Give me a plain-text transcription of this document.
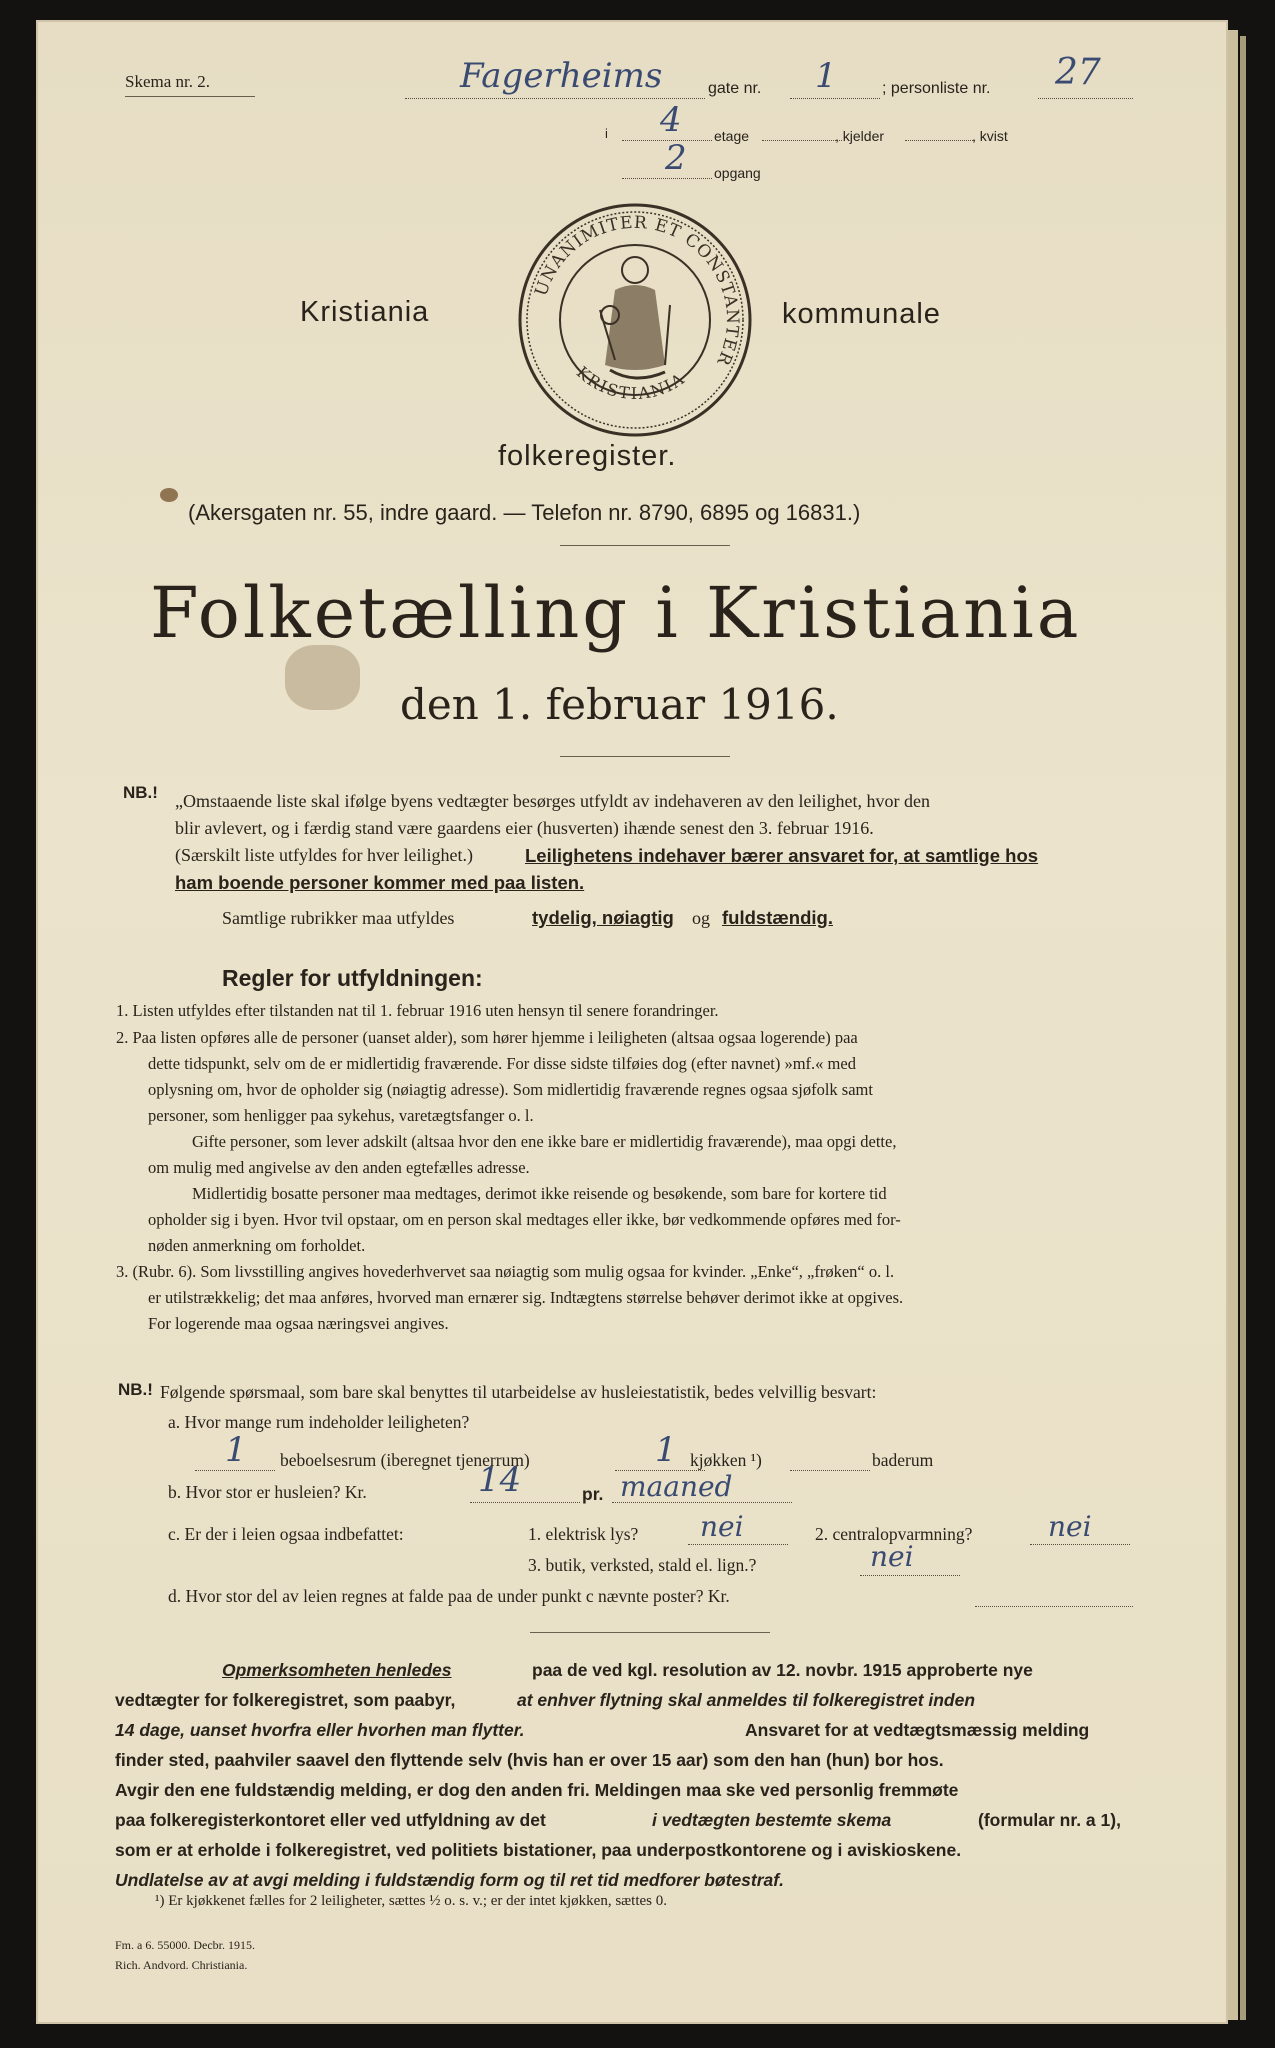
Skema nr. 2.	Fagerheims	gate nr. 1	; personliste nr. 27
i 4 etage	, kjelder	, kvist
2 opgang
UNANIMITER ET CONSTANTER
KRISTIANIA
Kristiania	kommunale
folkeregister.
(Akersgaten nr. 55, indre gaard. — Telefon nr. 8790, 6895 og 16831.)
Folketælling i Kristiania
den 1. februar 1916.
NB.! „Omstaaende liste skal ifølge byens vedtægter besørges utfyldt av indehaveren av den leilighet, hvor den
blir avlevert, og i færdig stand være gaardens eier (husverten) ihænde senest den 3. februar 1916.
(Særskilt liste utfyldes for hver leilighet.)	Leilighetens indehaver bærer ansvaret for, at samtlige hos
ham boende personer kommer med paa listen.
Samtlige rubrikker maa utfyldes	tydelig, nøiagtig og fuldstændig.
Regler for utfyldningen:
1. Listen utfyldes efter tilstanden nat til 1. februar 1916 uten hensyn til senere forandringer.
2. Paa listen opføres alle de personer (uanset alder), som hører hjemme i leiligheten (altsaa ogsaa logerende) paa
dette tidspunkt, selv om de er midlertidig fraværende. For disse sidste tilføies dog (efter navnet) »mf.« med
oplysning om, hvor de opholder sig (nøiagtig adresse). Som midlertidig fraværende regnes ogsaa sjøfolk samt
personer, som henligger paa sykehus, varetægtsfanger o. l.
Gifte personer, som lever adskilt (altsaa hvor den ene ikke bare er midlertidig fraværende), maa opgi dette,
om mulig med angivelse av den anden egtefælles adresse.
Midlertidig bosatte personer maa medtages, derimot ikke reisende og besøkende, som bare for kortere tid
opholder sig i byen. Hvor tvil opstaar, om en person skal medtages eller ikke, bør vedkommende opføres med for-
nøden anmerkning om forholdet.
3. (Rubr. 6). Som livsstilling angives hovederhvervet saa nøiagtig som mulig ogsaa for kvinder. „Enke“, „frøken“ o. l.
er utilstrækkelig; det maa anføres, hvorved man ernærer sig. Indtægtens størrelse behøver derimot ikke at opgives.
For logerende maa ogsaa næringsvei angives.
NB.! Følgende spørsmaal, som bare skal benyttes til utarbeidelse av husleiestatistik, bedes velvillig besvart:
a. Hvor mange rum indeholder leiligheten?
1 beboelsesrum (iberegnet tjenerrum)	1 kjøkken ¹)	baderum
b. Hvor stor er husleien? Kr.	14	pr. maaned
c. Er der i leien ogsaa indbefattet:	1. elektrisk lys? nei	2. centralopvarmning?	nei
3. butik, verksted, stald el. lign.?	nei
d. Hvor stor del av leien regnes at falde paa de under punkt c nævnte poster? Kr.
Opmerksomheten henledes	paa de ved kgl. resolution av 12. novbr. 1915 approberte nye
vedtægter for folkeregistret, som paabyr,	at enhver flytning skal anmeldes til folkeregistret inden
14 dage, uanset hvorfra eller hvorhen man flytter.	Ansvaret for at vedtægtsmæssig melding
finder sted, paahviler saavel den flyttende selv (hvis han er over 15 aar) som den han (hun) bor hos.
Avgir den ene fuldstændig melding, er dog den anden fri. Meldingen maa ske ved personlig fremmøte
paa folkeregisterkontoret eller ved utfyldning av det	i vedtægten bestemte skema	(formular nr. a 1),
som er at erholde i folkeregistret, ved politiets bistationer, paa underpostkontorene og i aviskioskene.
Undlatelse av at avgi melding i fuldstændig form og til ret tid medforer bøtestraf.
¹) Er kjøkkenet fælles for 2 leiligheter, sættes ½ o. s. v.; er der intet kjøkken, sættes 0.
Fm. a 6. 55000. Decbr. 1915.
Rich. Andvord. Christiania.
